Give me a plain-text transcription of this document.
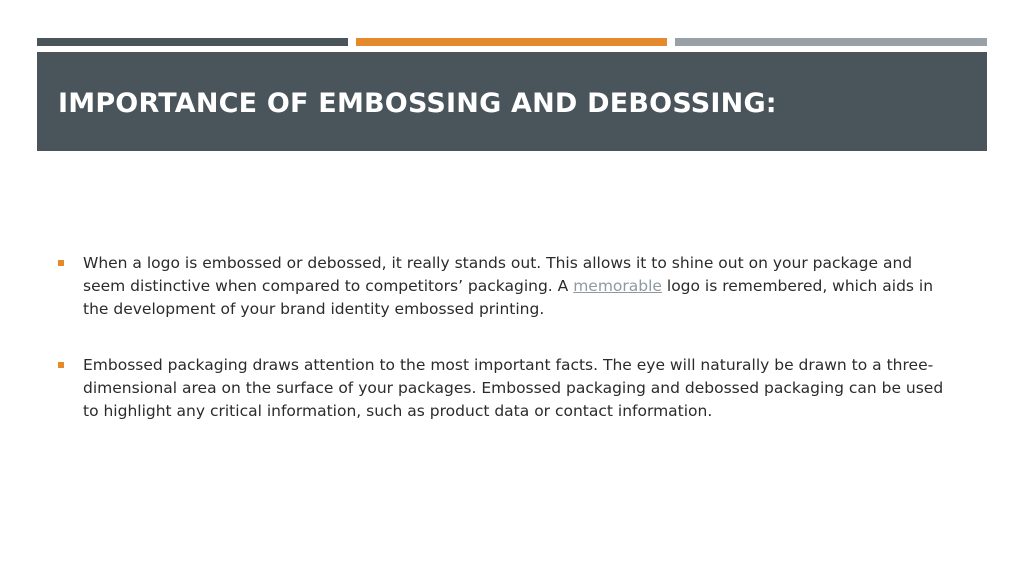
IMPORTANCE OF EMBOSSING AND DEBOSSING:
When a logo is embossed or debossed, it really stands out. This allows it to shine out on your package and seem distinctive when compared to competitors’ packaging. A memorable logo is remembered, which aids in the development of your brand identity embossed printing.
Embossed packaging draws attention to the most important facts. The eye will naturally be drawn to a three-dimensional area on the surface of your packages. Embossed packaging and debossed packaging can be used to highlight any critical information, such as product data or contact information.
